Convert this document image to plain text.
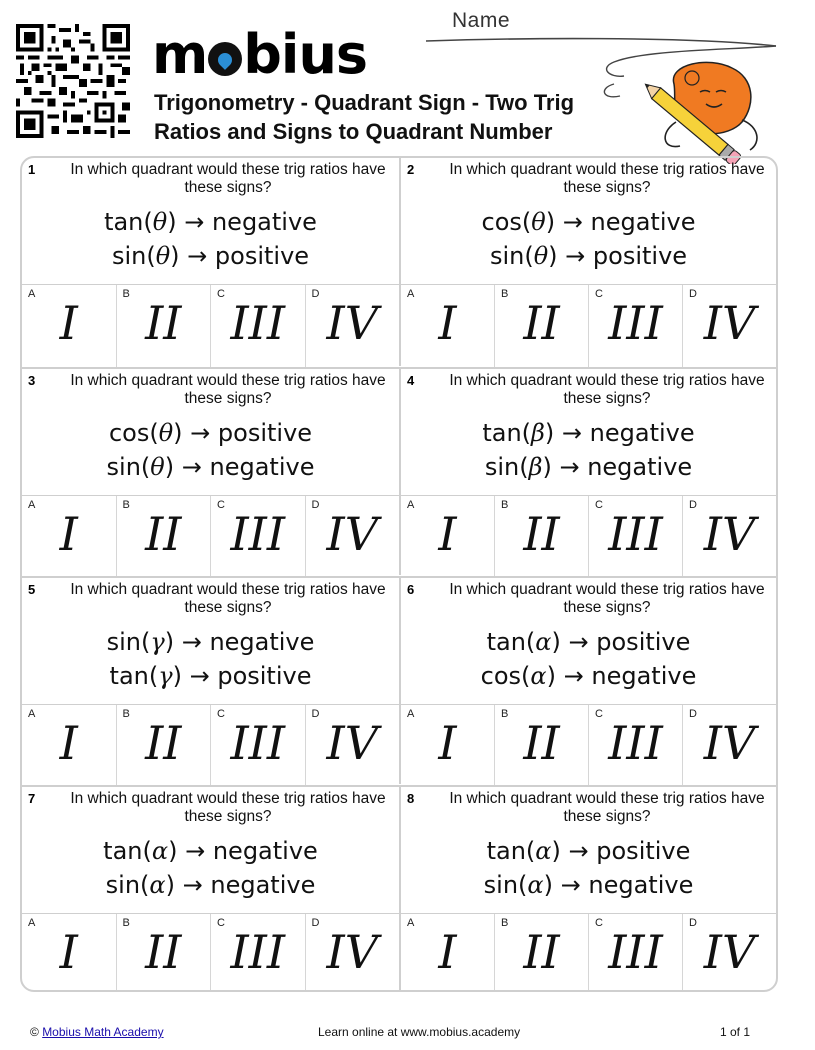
m bius
Trigonometry - Quadrant Sign - Two Trig
Ratios and Signs to Quadrant Number
Name
1	In which quadrant would these trig ratios have these signs?
tan(θ) → negative
sin(θ) → positive
A
I
B
II
C
III
D
IV
2	In which quadrant would these trig ratios have these signs?
cos(θ) → negative
sin(θ) → positive
A
I
B
II
C
III
D
IV
3	In which quadrant would these trig ratios have these signs?
cos(θ) → positive
sin(θ) → negative
A
I
B
II
C
III
D
IV
4	In which quadrant would these trig ratios have these signs?
tan(β) → negative
sin(β) → negative
A
I
B
II
C
III
D
IV
5	In which quadrant would these trig ratios have these signs?
sin(γ) → negative
tan(γ) → positive
A
I
B
II
C
III
D
IV
6	In which quadrant would these trig ratios have these signs?
tan(α) → positive
cos(α) → negative
A
I
B
II
C
III
D
IV
7	In which quadrant would these trig ratios have these signs?
tan(α) → negative
sin(α) → negative
A
I
B
II
C
III
D
IV
8	In which quadrant would these trig ratios have these signs?
tan(α) → positive
sin(α) → negative
A
I
B
II
C
III
D
IV
© Mobius Math Academy	Learn online at www.mobius.academy	1 of 1
